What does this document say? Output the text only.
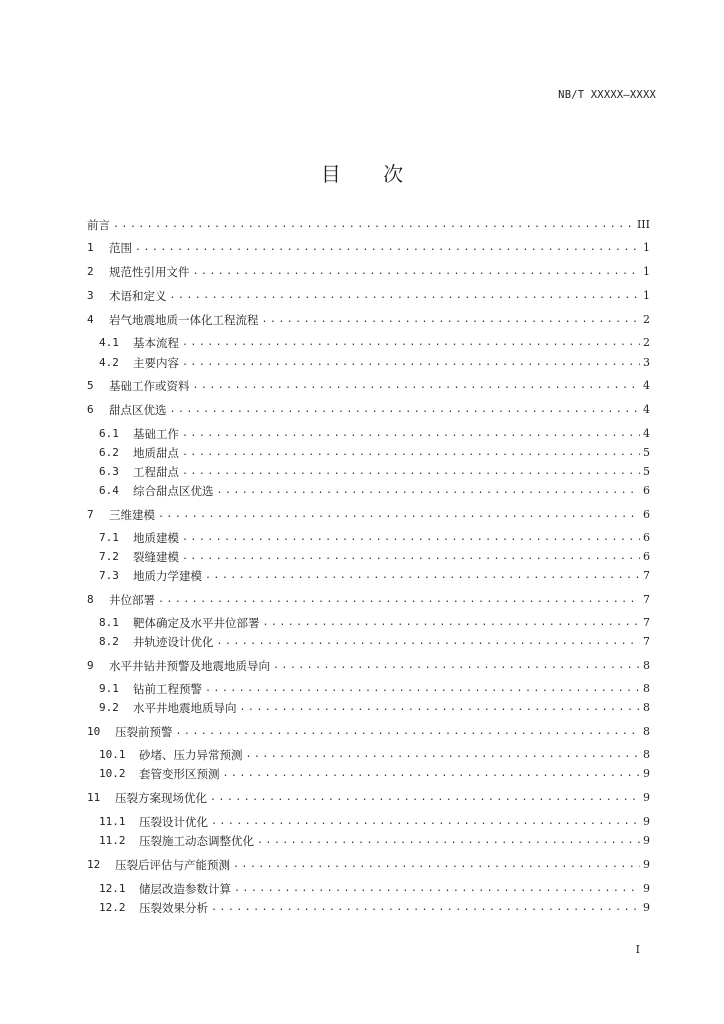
NB/T XXXXX—XXXX
目 次
前言 .....	III
1	范围 .....	1
2	规范性引用文件 .....	1
3	术语和定义 .....	1
4	岩气地震地质一体化工程流程 .....	2
4.1	基本流程 .....	2
4.2	主要内容 .....	3
5	基础工作或资料 .....	4
6	甜点区优选 .....	4
6.1	基础工作 .....	4
6.2	地质甜点 .....	5
6.3	工程甜点 .....	5
6.4	综合甜点区优选 .....	6
7	三维建模 .....	6
7.1	地质建模 .....	6
7.2	裂缝建模 .....	6
7.3	地质力学建模 .....	7
8	井位部署 .....	7
8.1	靶体确定及水平井位部署 .....	7
8.2	井轨迹设计优化 .....	7
9	水平井钻井预警及地震地质导向 .....	8
9.1	钻前工程预警 .....	8
9.2	水平井地震地质导向 .....	8
10	压裂前预警 .....	8
10.1	砂堵、压力异常预测 .....	8
10.2	套管变形区预测 .....	9
11	压裂方案现场优化 .....	9
11.1	压裂设计优化 .....	9
11.2	压裂施工动态调整优化 .....	9
12	压裂后评估与产能预测 .....	9
12.1	储层改造参数计算 .....	9
12.2	压裂效果分析 .....	9
I
